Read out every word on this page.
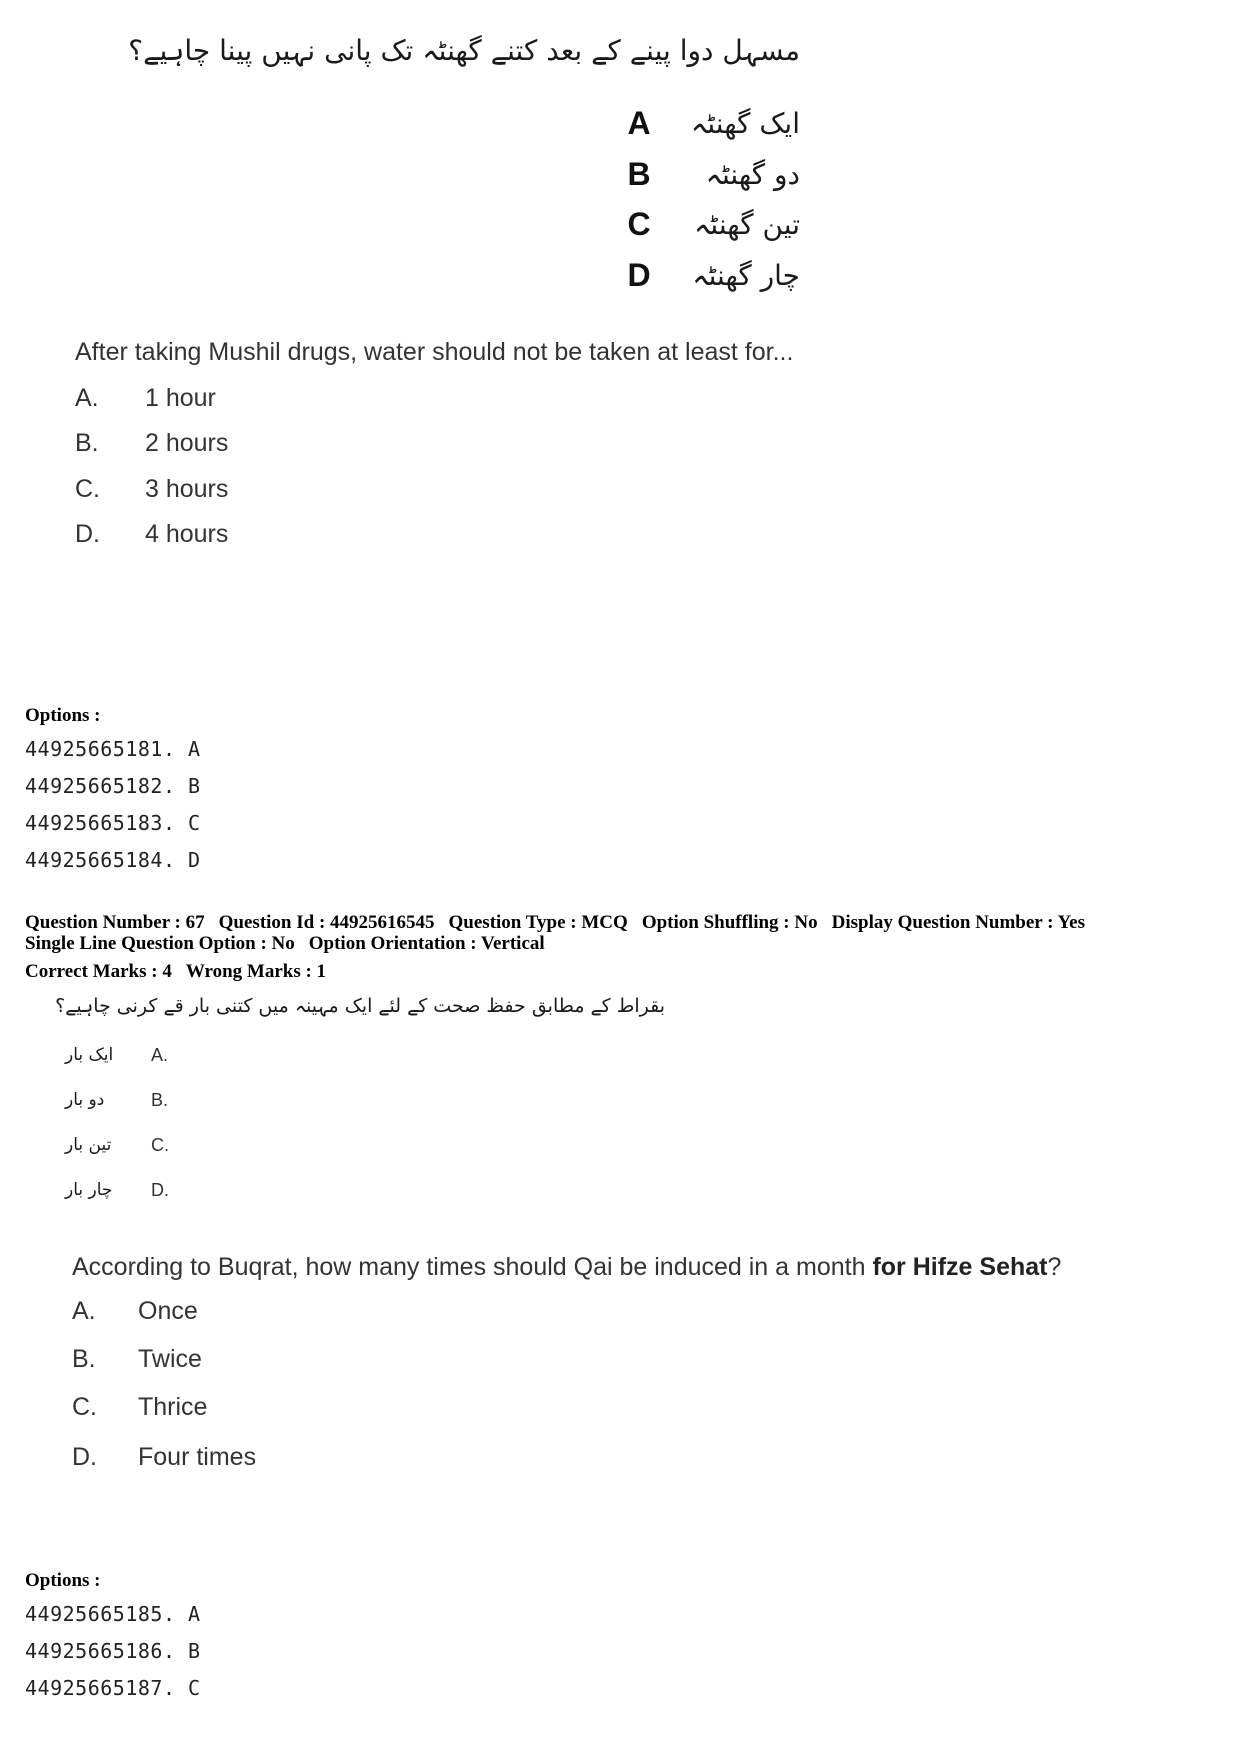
مسہل دوا پینے کے بعد کتنے گھنٹہ تک پانی نہیں پینا چاہیے؟
A	ایک گھنٹہ
B	دو گھنٹہ
C	تین گھنٹہ
D	چار گھنٹہ
After taking Mushil drugs, water should not be taken at least for...
A.	1 hour
B.	2 hours
C.	3 hours
D.	4 hours
Options :
44925665181. A
44925665182. B
44925665183. C
44925665184. D
Question Number : 67 Question Id : 44925616545 Question Type : MCQ Option Shuffling : No Display Question Number : Yes
Single Line Question Option : No Option Orientation : Vertical
Correct Marks : 4 Wrong Marks : 1
بقراط کے مطابق حفظ صحت کے لئے ایک مہینہ میں کتنی بار قے کرنی چاہیے؟
ایک بار	A.
دو بار	B.
تین بار	C.
چار بار	D.
According to Buqrat, how many times should Qai be induced in a month for Hifze Sehat?
A.	Once
B.	Twice
C.	Thrice
D.	Four times
Options :
44925665185. A
44925665186. B
44925665187. C
